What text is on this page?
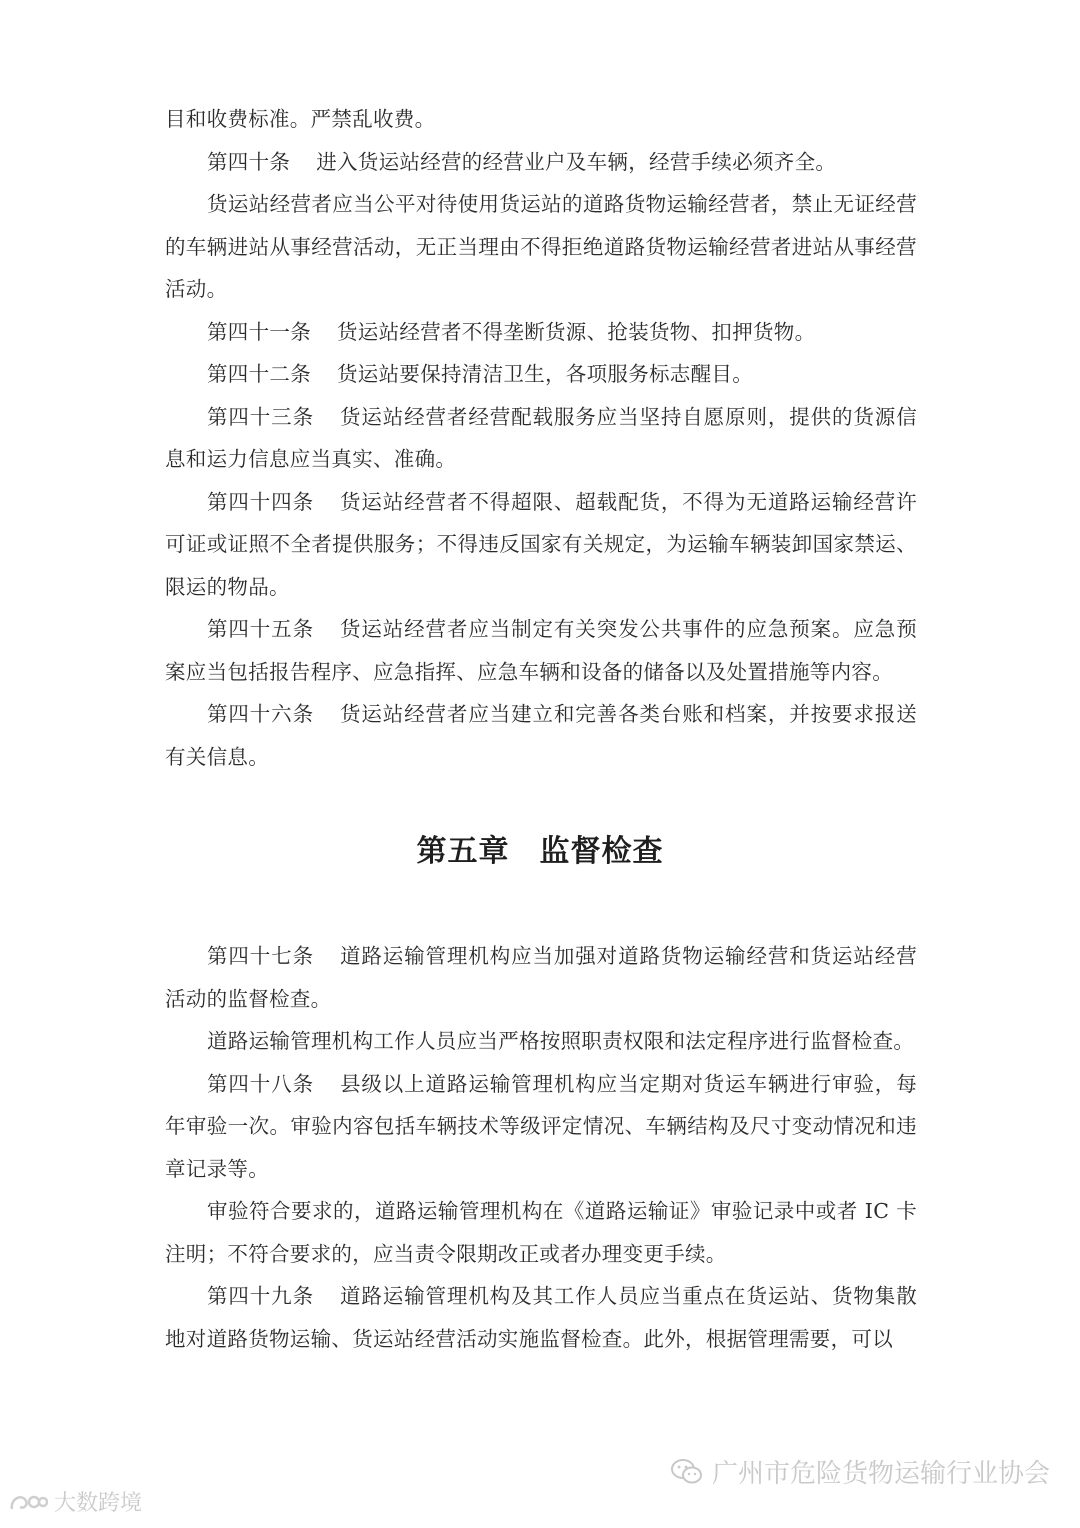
目和收费标准。严禁乱收费。

第四十条 进入货运站经营的经营业户及车辆，经营手续必须齐全。

货运站经营者应当公平对待使用货运站的道路货物运输经营者，禁止无证经营的车辆进站从事经营活动，无正当理由不得拒绝道路货物运输经营者进站从事经营活动。

第四十一条 货运站经营者不得垄断货源、抢装货物、扣押货物。

第四十二条 货运站要保持清洁卫生，各项服务标志醒目。

第四十三条 货运站经营者经营配载服务应当坚持自愿原则，提供的货源信息和运力信息应当真实、准确。

第四十四条 货运站经营者不得超限、超载配货，不得为无道路运输经营许可证或证照不全者提供服务；不得违反国家有关规定，为运输车辆装卸国家禁运、限运的物品。

第四十五条 货运站经营者应当制定有关突发公共事件的应急预案。应急预案应当包括报告程序、应急指挥、应急车辆和设备的储备以及处置措施等内容。

第四十六条 货运站经营者应当建立和完善各类台账和档案，并按要求报送有关信息。

第五章 监督检查

第四十七条 道路运输管理机构应当加强对道路货物运输经营和货运站经营活动的监督检查。

道路运输管理机构工作人员应当严格按照职责权限和法定程序进行监督检查。

第四十八条 县级以上道路运输管理机构应当定期对货运车辆进行审验，每年审验一次。审验内容包括车辆技术等级评定情况、车辆结构及尺寸变动情况和违章记录等。

审验符合要求的，道路运输管理机构在《道路运输证》审验记录中或者 IC 卡注明；不符合要求的，应当责令限期改正或者办理变更手续。

第四十九条 道路运输管理机构及其工作人员应当重点在货运站、货物集散地对道路货物运输、货运站经营活动实施监督检查。此外，根据管理需要，可以

大数跨境
广州市危险货物运输行业协会
